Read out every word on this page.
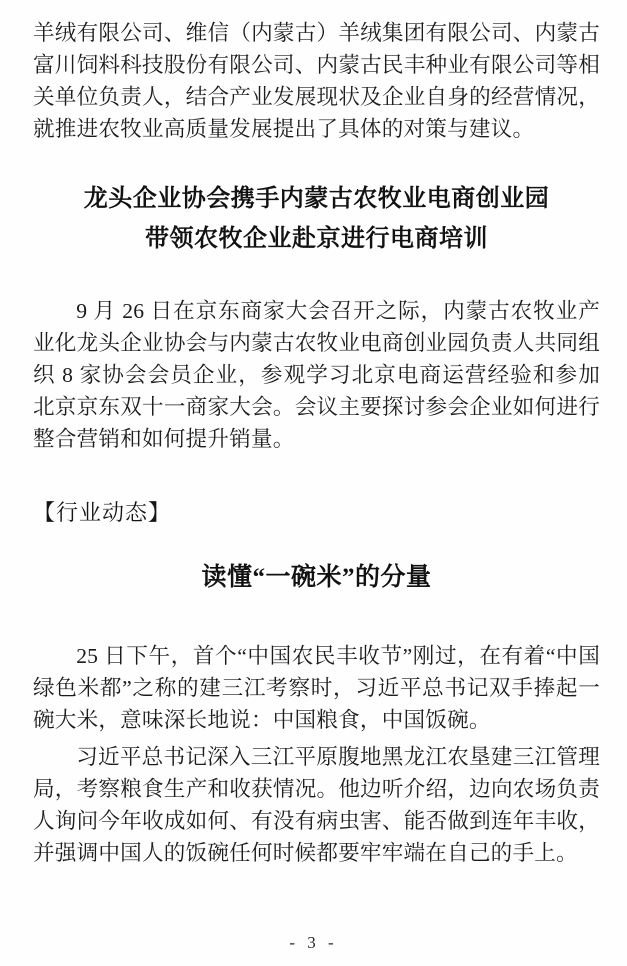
羊绒有限公司、维信（内蒙古）羊绒集团有限公司、内蒙古富川饲料科技股份有限公司、内蒙古民丰种业有限公司等相关单位负责人，结合产业发展现状及企业自身的经营情况，就推进农牧业高质量发展提出了具体的对策与建议。

龙头企业协会携手内蒙古农牧业电商创业园
带领农牧企业赴京进行电商培训

9 月 26 日在京东商家大会召开之际，内蒙古农牧业产业化龙头企业协会与内蒙古农牧业电商创业园负责人共同组织 8 家协会会员企业，参观学习北京电商运营经验和参加北京京东双十一商家大会。会议主要探讨参会企业如何进行整合营销和如何提升销量。

【行业动态】
读懂“一碗米”的分量

25 日下午，首个“中国农民丰收节”刚过，在有着“中国绿色米都”之称的建三江考察时，习近平总书记双手捧起一碗大米，意味深长地说：中国粮食，中国饭碗。

习近平总书记深入三江平原腹地黑龙江农垦建三江管理局，考察粮食生产和收获情况。他边听介绍，边向农场负责人询问今年收成如何、有没有病虫害、能否做到连年丰收，并强调中国人的饭碗任何时候都要牢牢端在自己的手上。

- 3 -
